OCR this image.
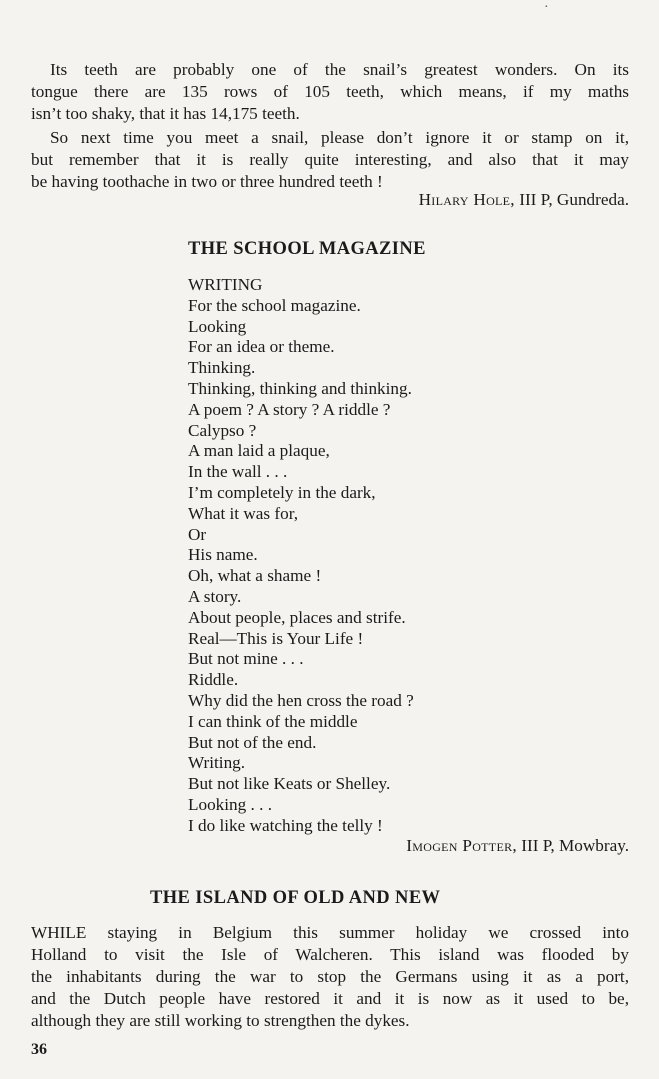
·

Its teeth are probably one of the snail’s greatest wonders. On its
tongue there are 135 rows of 105 teeth, which means, if my maths
isn’t too shaky, that it has 14,175 teeth.

So next time you meet a snail, please don’t ignore it or stamp on it,
but remember that it is really quite interesting, and also that it may
be having toothache in two or three hundred teeth !

Hilary Hole, III P, Gundreda.
THE SCHOOL MAGAZINE
WRITING
For the school magazine.
Looking
For an idea or theme.
Thinking.
Thinking, thinking and thinking.
A poem ? A story ? A riddle ?
Calypso ?
A man laid a plaque,
In the wall . . .
I’m completely in the dark,
What it was for,
Or
His name.
Oh, what a shame !
A story.
About people, places and strife.
Real—This is Your Life !
But not mine . . .
Riddle.
Why did the hen cross the road ?
I can think of the middle
But not of the end.
Writing.
But not like Keats or Shelley.
Looking . . .
I do like watching the telly !
Imogen Potter, III P, Mowbray.
THE ISLAND OF OLD AND NEW

WHILE staying in Belgium this summer holiday we crossed into
Holland to visit the Isle of Walcheren. This island was flooded by
the inhabitants during the war to stop the Germans using it as a port,
and the Dutch people have restored it and it is now as it used to be,
although they are still working to strengthen the dykes.

36
